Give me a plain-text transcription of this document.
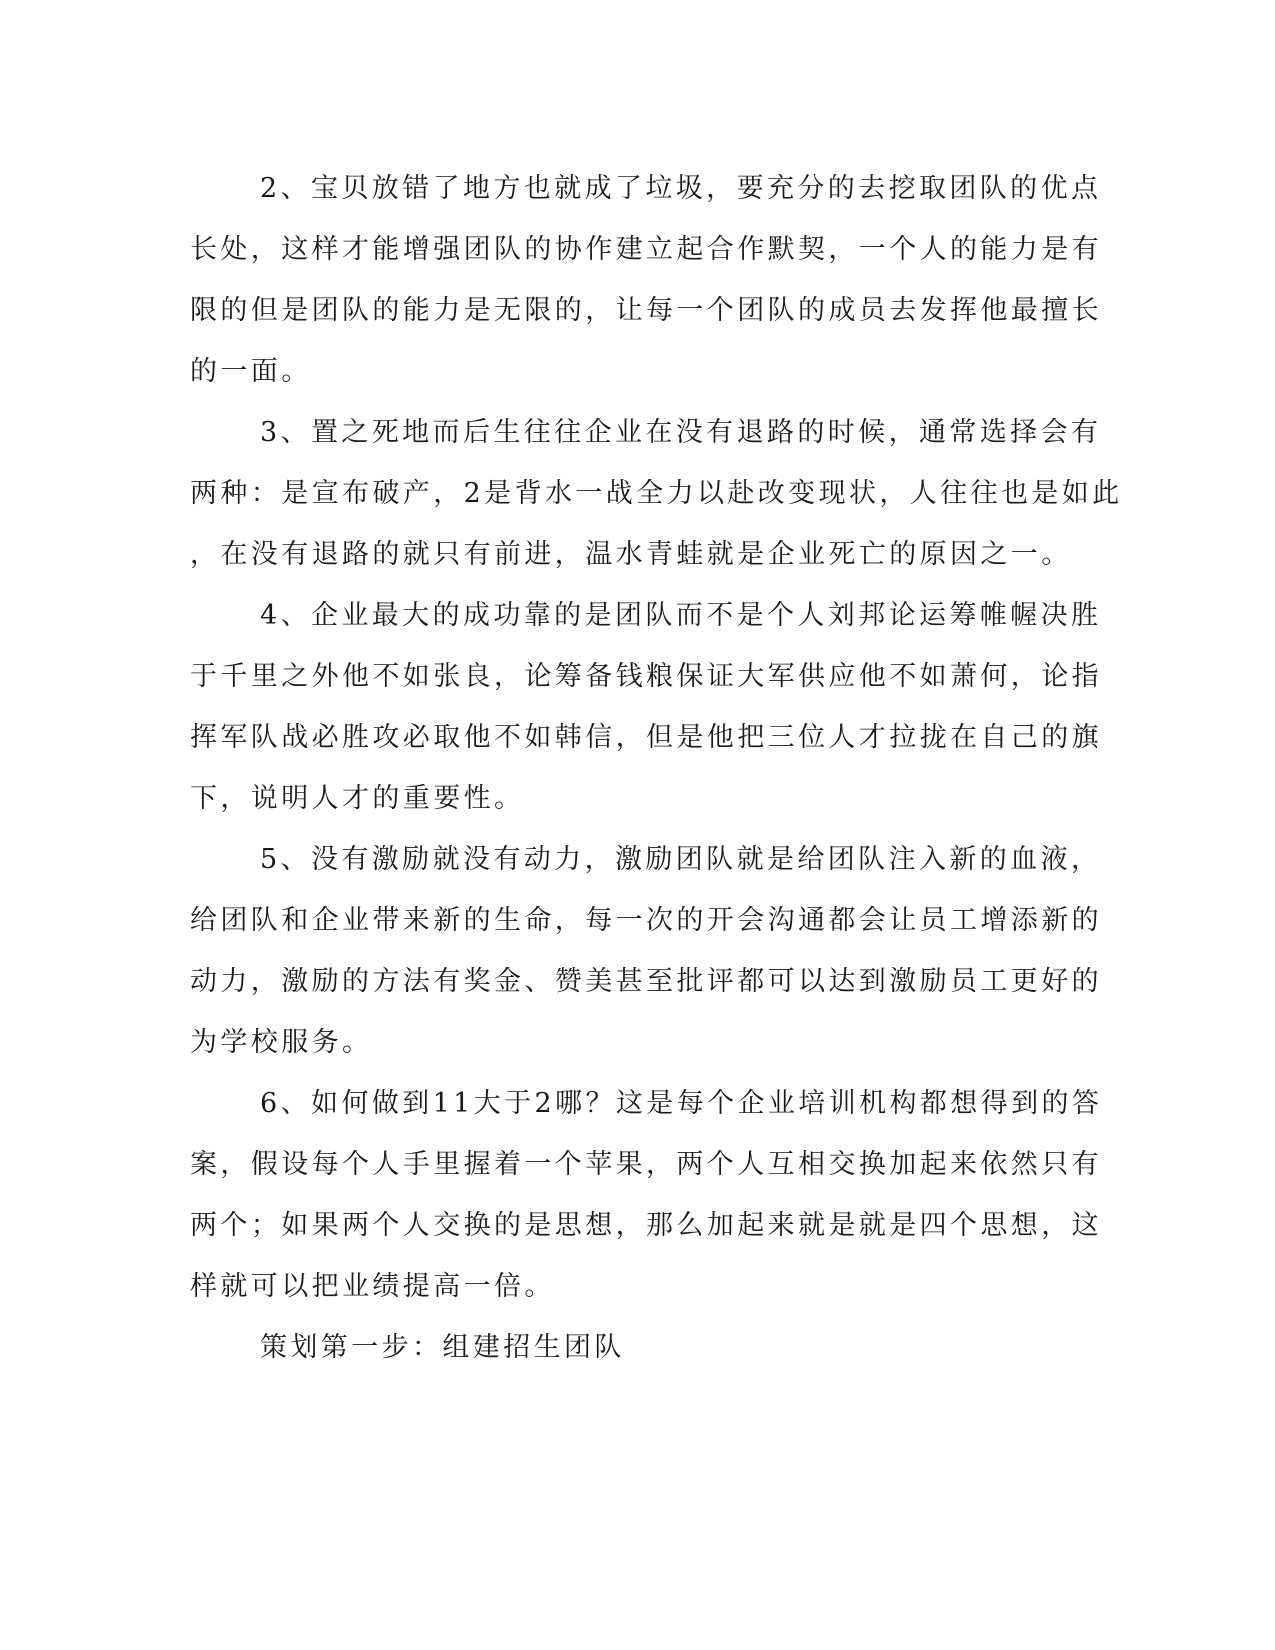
2、宝贝放错了地方也就成了垃圾，要充分的去挖取团队的优点
长处，这样才能增强团队的协作建立起合作默契，一个人的能力是有
限的但是团队的能力是无限的，让每一个团队的成员去发挥他最擅长
的一面。
3、置之死地而后生往往企业在没有退路的时候，通常选择会有
两种：是宣布破产，2是背水一战全力以赴改变现状，人往往也是如此
，在没有退路的就只有前进，温水青蛙就是企业死亡的原因之一。
4、企业最大的成功靠的是团队而不是个人刘邦论运筹帷幄决胜
于千里之外他不如张良，论筹备钱粮保证大军供应他不如萧何，论指
挥军队战必胜攻必取他不如韩信，但是他把三位人才拉拢在自己的旗
下，说明人才的重要性。
5、没有激励就没有动力，激励团队就是给团队注入新的血液，
给团队和企业带来新的生命，每一次的开会沟通都会让员工增添新的
动力，激励的方法有奖金、赞美甚至批评都可以达到激励员工更好的
为学校服务。
6、如何做到11大于2哪？这是每个企业培训机构都想得到的答
案，假设每个人手里握着一个苹果，两个人互相交换加起来依然只有
两个；如果两个人交换的是思想，那么加起来就是就是四个思想，这
样就可以把业绩提高一倍。
策划第一步：组建招生团队
